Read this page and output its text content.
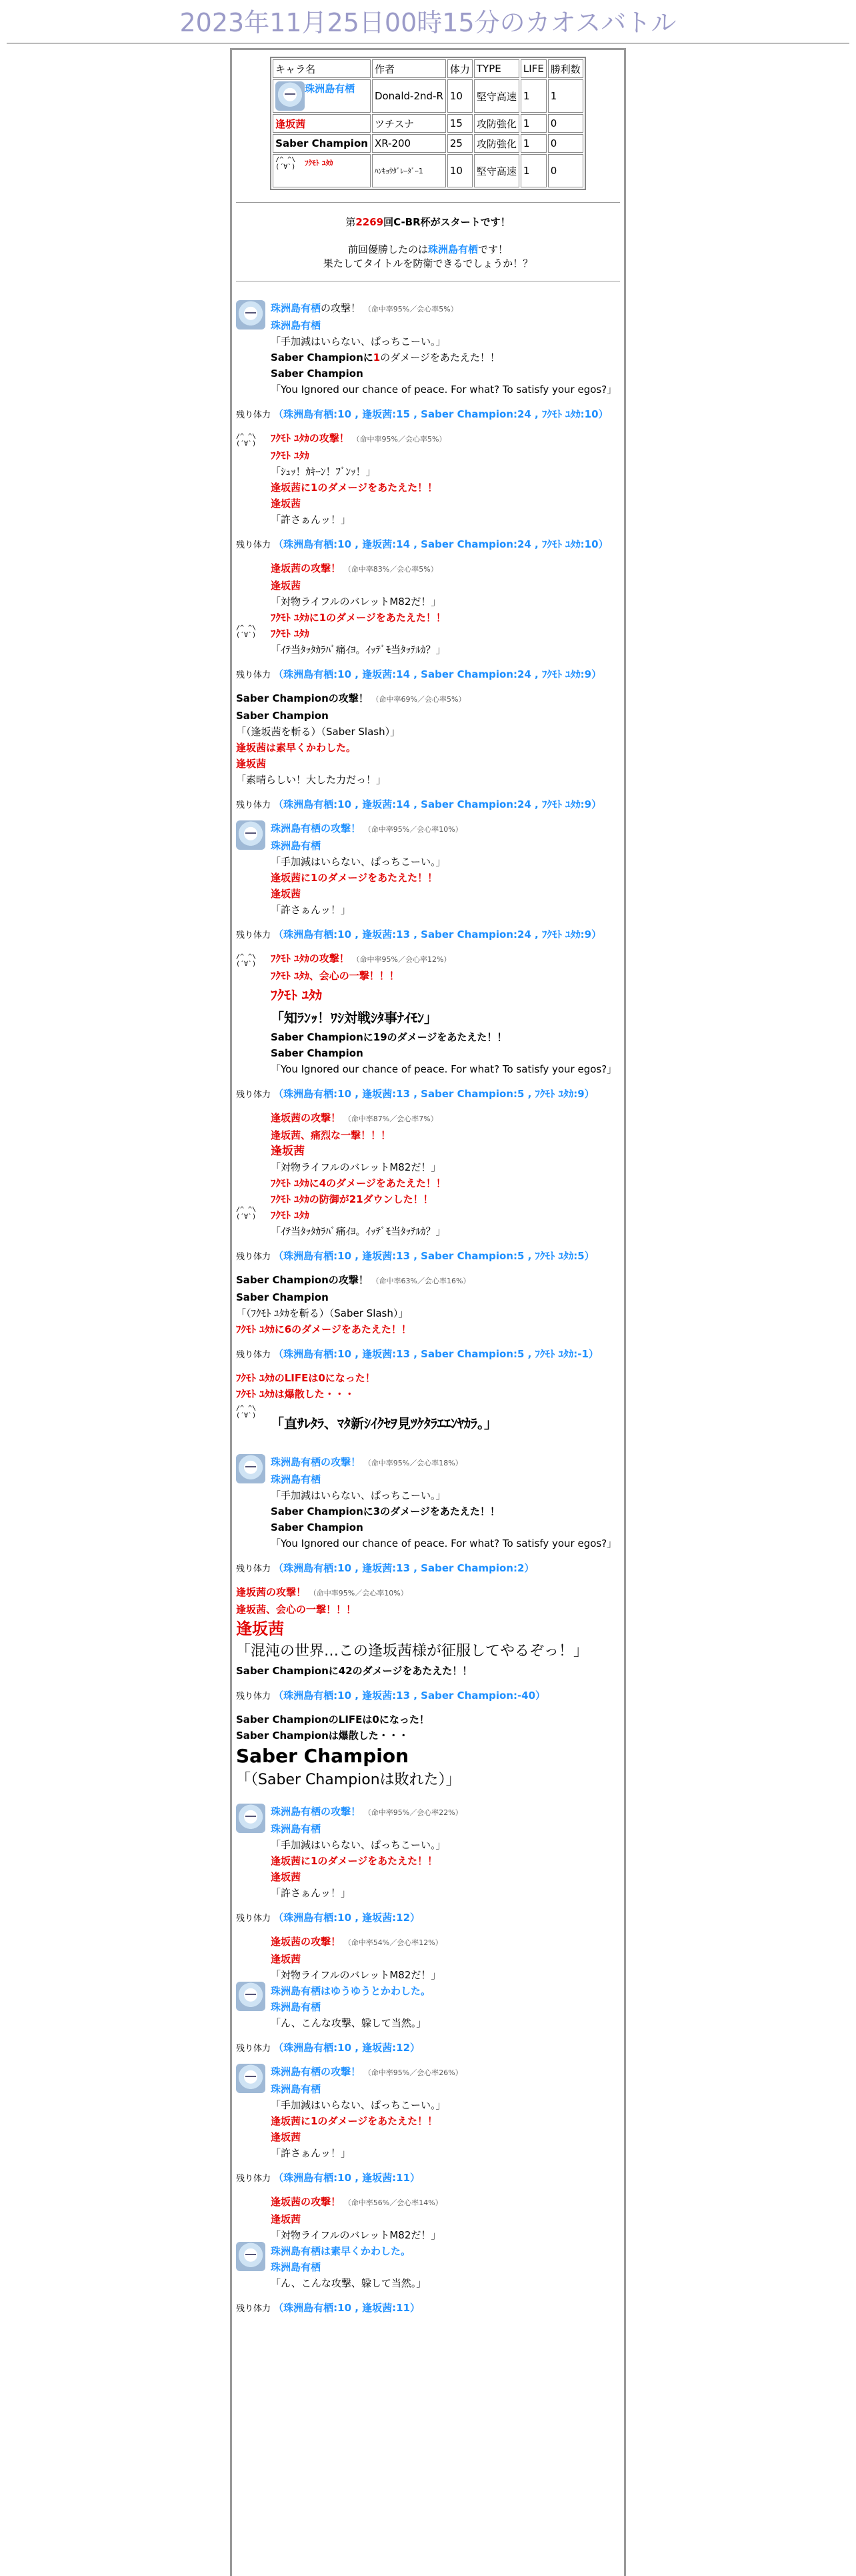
2023年11月25日00時15分のカオスバトル
キャラ名	作者	体力	TYPE	LIFE	勝利数
珠洲島有栖	Donald-2nd-R	10	堅守高速	1	1
逢坂茜	ツチスナ	15	攻防強化	1	0
Saber Champion	XR-200	25	攻防強化	1	0
/^ ^\
(´∀`)
ﾌｸﾓﾄ ﾕﾀｶ	ﾊﾝｷｮｳﾀﾞﾚｰﾀﾞｰ1	10	堅守高速	1	0

第2269回C-BR杯がスタートです！

前回優勝したのは珠洲島有栖です！

果たしてタイトルを防衛できるでしょうか！？

珠洲島有栖の攻撃！ （命中率95%／会心率5%）
珠洲島有栖
「手加減はいらない、ぱっちこーい。」
Saber Championに1のダメージをあたえた！！
Saber Champion
「You Ignored our chance of peace. For what? To satisfy your egos?」
残り体力 （珠洲島有栖:10 , 逢坂茜:15 , Saber Champion:24 , ﾌｸﾓﾄ ﾕﾀｶ:10）
/^ ^\
(´∀`)	ﾌｸﾓﾄ ﾕﾀｶの攻撃！ （命中率95%／会心率5%）
ﾌｸﾓﾄ ﾕﾀｶ
「ｼｭｯ！ｶｷｰﾝ！ﾌﾞﾝｯ！」
逢坂茜に1のダメージをあたえた！！
逢坂茜
「許さぁんッ！」
残り体力 （珠洲島有栖:10 , 逢坂茜:14 , Saber Champion:24 , ﾌｸﾓﾄ ﾕﾀｶ:10）
逢坂茜の攻撃！ （命中率83%／会心率5%）
逢坂茜
「対物ライフルのバレットM82だ！」
ﾌｸﾓﾄ ﾕﾀｶに1のダメージをあたえた！！
/^ ^\
(´∀`)	ﾌｸﾓﾄ ﾕﾀｶ
「ｲﾃ当ﾀｯﾀｶﾗﾊﾞ痛ｲﾖ。ｲｯﾃﾞﾓ当ﾀｯﾃﾙｶ？」
残り体力 （珠洲島有栖:10 , 逢坂茜:14 , Saber Champion:24 , ﾌｸﾓﾄ ﾕﾀｶ:9）
Saber Championの攻撃！ （命中率69%／会心率5%）
Saber Champion
「（逢坂茜を斬る）（Saber Slash）」
逢坂茜は素早くかわした。
逢坂茜
「素晴らしい！大した力だっ！」
残り体力 （珠洲島有栖:10 , 逢坂茜:14 , Saber Champion:24 , ﾌｸﾓﾄ ﾕﾀｶ:9）
珠洲島有栖の攻撃！ （命中率95%／会心率10%）
珠洲島有栖
「手加減はいらない、ぱっちこーい。」
逢坂茜に1のダメージをあたえた！！
逢坂茜
「許さぁんッ！」
残り体力 （珠洲島有栖:10 , 逢坂茜:13 , Saber Champion:24 , ﾌｸﾓﾄ ﾕﾀｶ:9）
/^ ^\
(´∀`)	ﾌｸﾓﾄ ﾕﾀｶの攻撃！ （命中率95%／会心率12%）
ﾌｸﾓﾄ ﾕﾀｶ、会心の一撃！！！
ﾌｸﾓﾄ ﾕﾀｶ
「知ﾗﾝｯ！ﾜｼ対戦ｼﾀ事ﾅｲﾓﾝ」
Saber Championに19のダメージをあたえた！！
Saber Champion
「You Ignored our chance of peace. For what? To satisfy your egos?」
残り体力 （珠洲島有栖:10 , 逢坂茜:13 , Saber Champion:5 , ﾌｸﾓﾄ ﾕﾀｶ:9）
逢坂茜の攻撃！ （命中率87%／会心率7%）
逢坂茜、痛烈な一撃！！！
逢坂茜
「対物ライフルのバレットM82だ！」
ﾌｸﾓﾄ ﾕﾀｶに4のダメージをあたえた！！
ﾌｸﾓﾄ ﾕﾀｶの防御が21ダウンした！！
/^ ^\
(´∀`)	ﾌｸﾓﾄ ﾕﾀｶ
「ｲﾃ当ﾀｯﾀｶﾗﾊﾞ痛ｲﾖ。ｲｯﾃﾞﾓ当ﾀｯﾃﾙｶ？」
残り体力 （珠洲島有栖:10 , 逢坂茜:13 , Saber Champion:5 , ﾌｸﾓﾄ ﾕﾀｶ:5）
Saber Championの攻撃！ （命中率63%／会心率16%）
Saber Champion
「（ﾌｸﾓﾄ ﾕﾀｶを斬る）（Saber Slash）」
ﾌｸﾓﾄ ﾕﾀｶに6のダメージをあたえた！！
残り体力 （珠洲島有栖:10 , 逢坂茜:13 , Saber Champion:5 , ﾌｸﾓﾄ ﾕﾀｶ:-1）
ﾌｸﾓﾄ ﾕﾀｶのLIFEは0になった！
ﾌｸﾓﾄ ﾕﾀｶは爆散した・・・
/^ ^\
(´∀`)	「直ｻﾚﾀﾗ、ﾏﾀ新ｼｲｸｾｦ見ﾂｹﾀﾗｴｴﾝﾔｶﾗ。」
珠洲島有栖の攻撃！ （命中率95%／会心率18%）
珠洲島有栖
「手加減はいらない、ぱっちこーい。」
Saber Championに3のダメージをあたえた！！
Saber Champion
「You Ignored our chance of peace. For what? To satisfy your egos?」
残り体力 （珠洲島有栖:10 , 逢坂茜:13 , Saber Champion:2）
逢坂茜の攻撃！ （命中率95%／会心率10%）
逢坂茜、会心の一撃！！！
逢坂茜
「混沌の世界…この逢坂茜様が征服してやるぞっ！」
Saber Championに42のダメージをあたえた！！
残り体力 （珠洲島有栖:10 , 逢坂茜:13 , Saber Champion:-40）
Saber ChampionのLIFEは0になった！
Saber Championは爆散した・・・
Saber Champion
「（Saber Championは敗れた）」
珠洲島有栖の攻撃！ （命中率95%／会心率22%）
珠洲島有栖
「手加減はいらない、ぱっちこーい。」
逢坂茜に1のダメージをあたえた！！
逢坂茜
「許さぁんッ！」
残り体力 （珠洲島有栖:10 , 逢坂茜:12）
逢坂茜の攻撃！ （命中率54%／会心率12%）
逢坂茜
「対物ライフルのバレットM82だ！」
珠洲島有栖はゆうゆうとかわした。
珠洲島有栖
「ん、こんな攻撃、躱して当然。」
残り体力 （珠洲島有栖:10 , 逢坂茜:12）
珠洲島有栖の攻撃！ （命中率95%／会心率26%）
珠洲島有栖
「手加減はいらない、ぱっちこーい。」
逢坂茜に1のダメージをあたえた！！
逢坂茜
「許さぁんッ！」
残り体力 （珠洲島有栖:10 , 逢坂茜:11）
逢坂茜の攻撃！ （命中率56%／会心率14%）
逢坂茜
「対物ライフルのバレットM82だ！」
珠洲島有栖は素早くかわした。
珠洲島有栖
「ん、こんな攻撃、躱して当然。」
残り体力 （珠洲島有栖:10 , 逢坂茜:11）
